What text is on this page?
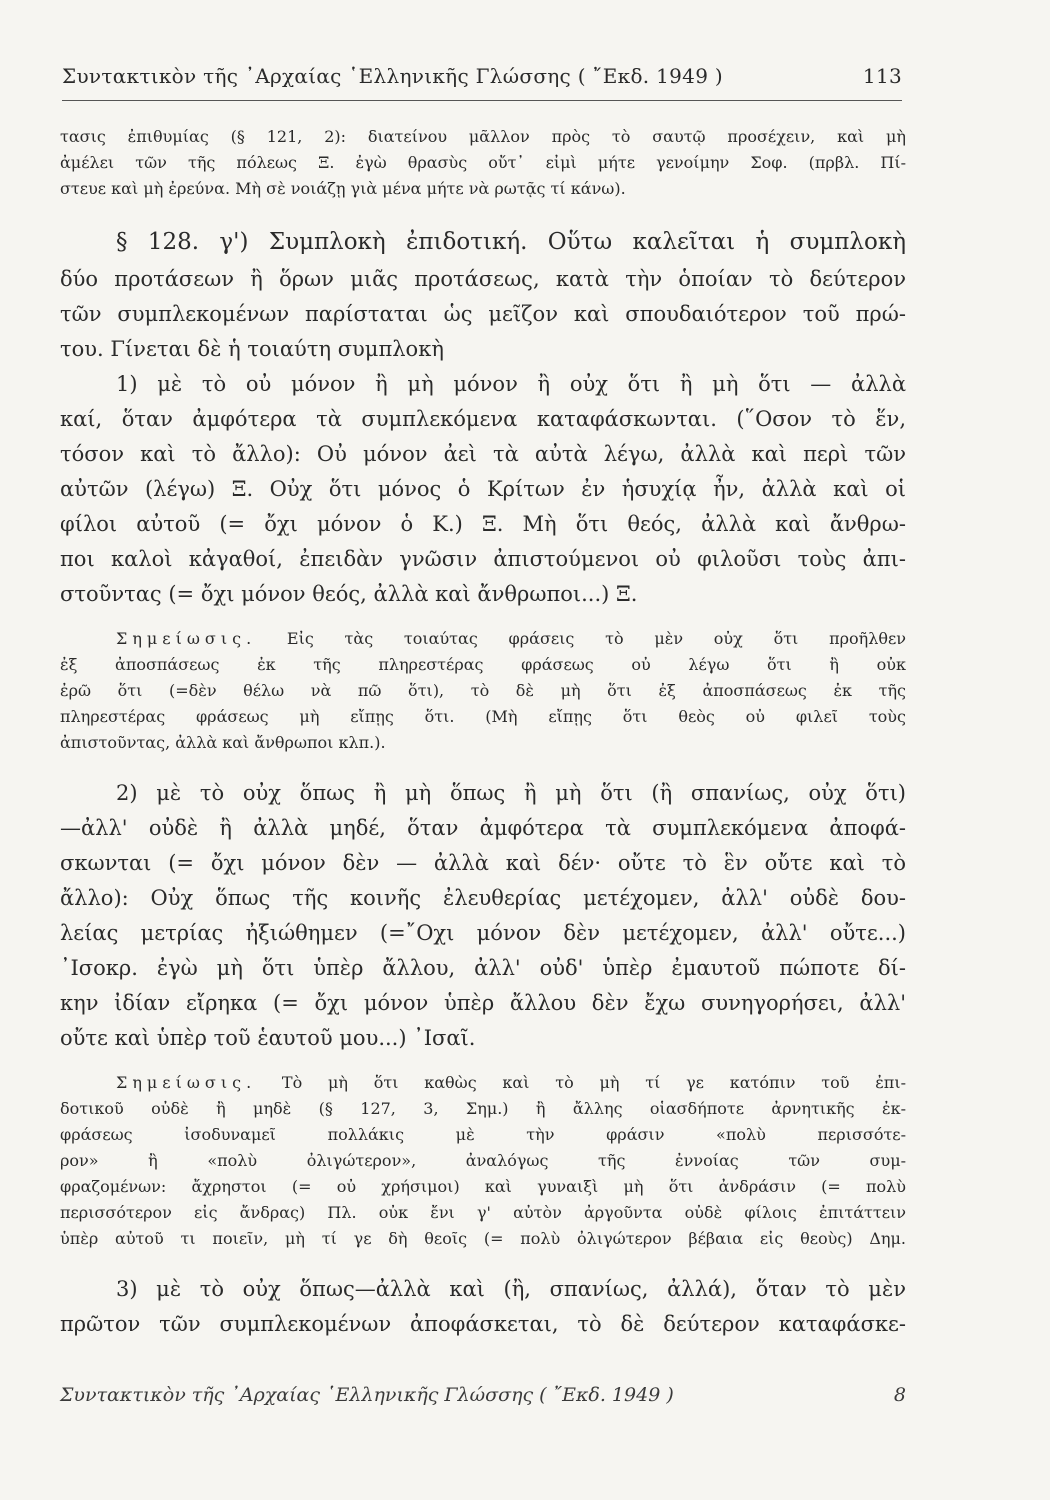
Συντακτικὸν τῆς ᾿Αρχαίας ῾Ελληνικῆς Γλώσσης ( ῎Εκδ. 1949 )	113
τασις ἐπιθυμίας (§ 121, 2): διατείνου μᾶλλον πρὸς τὸ σαυτῷ προσέχειν, καὶ μὴ
ἀμέλει τῶν τῆς πόλεως Ξ. ἐγὼ θρασὺς οὔτ᾿ εἰμὶ μήτε γενοίμην Σοφ. (πρβλ. Πί-
στευε καὶ μὴ ἐρεύνα. Μὴ σὲ νοιάζῃ γιὰ μένα μήτε νὰ ρωτᾷς τί κάνω).
§ 128. γ') Συμπλοκὴ ἐπιδοτική. Οὕτω καλεῖται ἡ συμπλοκὴ
δύο προτάσεων ἢ ὅρων μιᾶς προτάσεως, κατὰ τὴν ὁποίαν τὸ δεύτερον
τῶν συμπλεκομένων παρίσταται ὡς μεῖζον καὶ σπουδαιότερον τοῦ πρώ-
του. Γίνεται δὲ ἡ τοιαύτη συμπλοκὴ
1) μὲ τὸ οὐ μόνον ἢ μὴ μόνον ἢ οὐχ ὅτι ἢ μὴ ὅτι — ἀλλὰ
καί, ὅταν ἀμφότερα τὰ συμπλεκόμενα καταφάσκωνται. (῞Οσον τὸ ἕν,
τόσον καὶ τὸ ἄλλο): Οὐ μόνον ἀεὶ τὰ αὐτὰ λέγω, ἀλλὰ καὶ περὶ τῶν
αὐτῶν (λέγω) Ξ. Οὐχ ὅτι μόνος ὁ Κρίτων ἐν ἡσυχίᾳ ἦν, ἀλλὰ καὶ οἱ
φίλοι αὐτοῦ (= ὄχι μόνον ὁ Κ.) Ξ. Μὴ ὅτι θεός, ἀλλὰ καὶ ἄνθρω-
ποι καλοὶ κἀγαθοί, ἐπειδὰν γνῶσιν ἀπιστούμενοι οὐ φιλοῦσι τοὺς ἀπι-
στοῦντας (= ὄχι μόνον θεός, ἀλλὰ καὶ ἄνθρωποι...) Ξ.
Σημείωσις. Εἰς τὰς τοιαύτας φράσεις τὸ μὲν οὐχ ὅτι προῆλθεν
ἐξ ἀποσπάσεως ἐκ τῆς πληρεστέρας φράσεως οὐ λέγω ὅτι ἢ οὐκ
ἐρῶ ὅτι (=δὲν θέλω νὰ πῶ ὅτι), τὸ δὲ μὴ ὅτι ἐξ ἀποσπάσεως ἐκ τῆς
πληρεστέρας φράσεως μὴ εἴπῃς ὅτι. (Μὴ εἴπῃς ὅτι θεὸς οὐ φιλεῖ τοὺς
ἀπιστοῦντας, ἀλλὰ καὶ ἄνθρωποι κλπ.).
2) μὲ τὸ οὐχ ὅπως ἢ μὴ ὅπως ἢ μὴ ὅτι (ἢ σπανίως, οὐχ ὅτι)
—ἀλλ' οὐδὲ ἢ ἀλλὰ μηδέ, ὅταν ἀμφότερα τὰ συμπλεκόμενα ἀποφά-
σκωνται (= ὄχι μόνον δὲν — ἀλλὰ καὶ δέν· οὔτε τὸ ἓν οὔτε καὶ τὸ
ἄλλο): Οὐχ ὅπως τῆς κοινῆς ἐλευθερίας μετέχομεν, ἀλλ' οὐδὲ δου-
λείας μετρίας ἠξιώθημεν (=῎Οχι μόνον δὲν μετέχομεν, ἀλλ' οὔτε...)
᾿Ισοκρ. ἐγὼ μὴ ὅτι ὑπὲρ ἄλλου, ἀλλ' οὐδ' ὑπὲρ ἐμαυτοῦ πώποτε δί-
κην ἰδίαν εἴρηκα (= ὄχι μόνον ὑπὲρ ἄλλου δὲν ἔχω συνηγορήσει, ἀλλ'
οὔτε καὶ ὑπὲρ τοῦ ἑαυτοῦ μου...) ᾿Ισαῖ.
Σημείωσις. Τὸ μὴ ὅτι καθὼς καὶ τὸ μὴ τί γε κατόπιν τοῦ ἐπι-
δοτικοῦ οὐδὲ ἢ μηδὲ (§ 127, 3, Σημ.) ἢ ἄλλης οἱασδήποτε ἀρνητικῆς ἐκ-
φράσεως ἰσοδυναμεῖ πολλάκις μὲ τὴν φράσιν «πολὺ περισσότε-
ρον» ἢ «πολὺ ὀλιγώτερον», ἀναλόγως τῆς ἐννοίας τῶν συμ-
φραζομένων: ἄχρηστοι (= οὐ χρήσιμοι) καὶ γυναιξὶ μὴ ὅτι ἀνδράσιν (= πολὺ
περισσότερον εἰς ἄνδρας) Πλ. οὐκ ἔνι γ' αὐτὸν ἀργοῦντα οὐδὲ φίλοις ἐπιτάττειν
ὑπὲρ αὐτοῦ τι ποιεῖν, μὴ τί γε δὴ θεοῖς (= πολὺ ὀλιγώτερον βέβαια εἰς θεοὺς) Δημ.
3) μὲ τὸ οὐχ ὅπως—ἀλλὰ καὶ (ἢ, σπανίως, ἀλλά), ὅταν τὸ μὲν
πρῶτον τῶν συμπλεκομένων ἀποφάσκεται, τὸ δὲ δεύτερον καταφάσκε-
Συντακτικὸν τῆς ᾿Αρχαίας ῾Ελληνικῆς Γλώσσης ( ῎Εκδ. 1949 )	8
